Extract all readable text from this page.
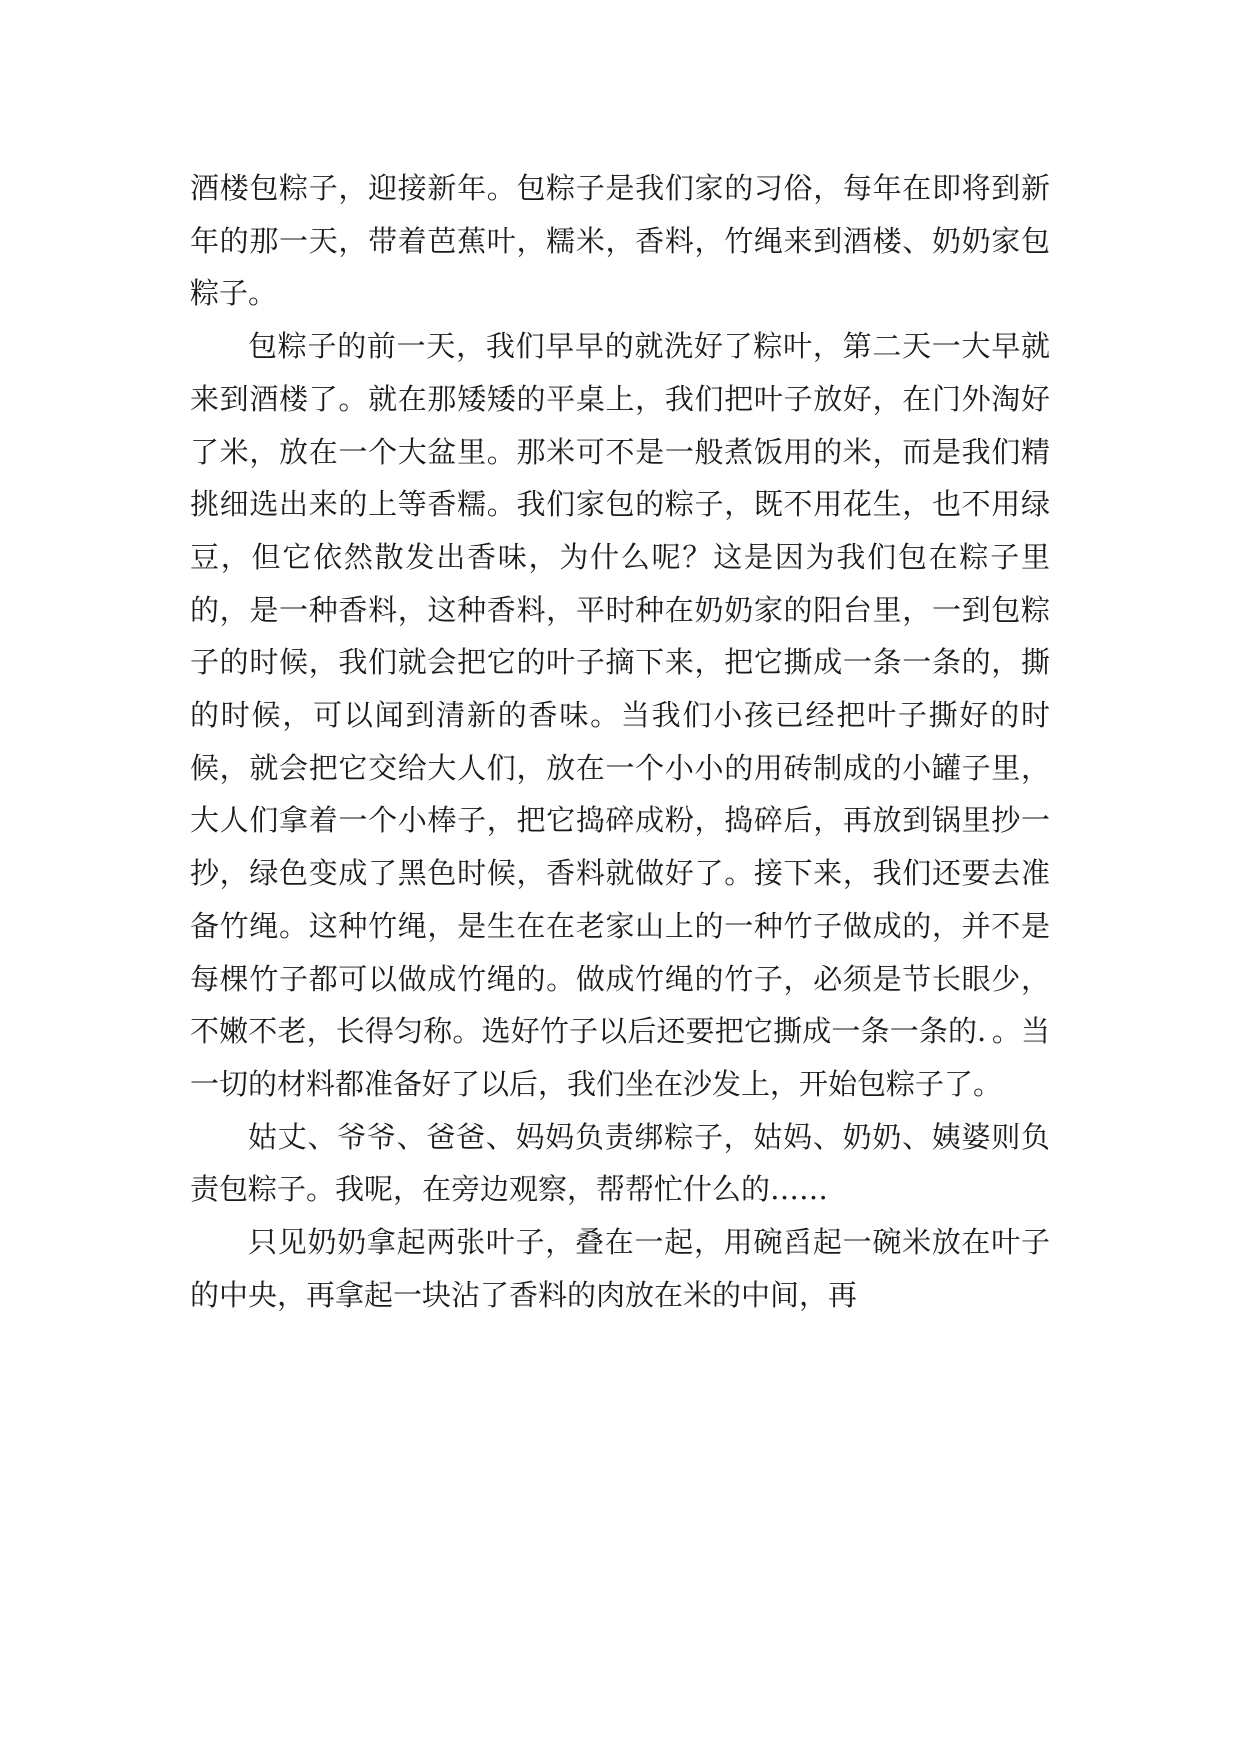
酒楼包粽子，迎接新年。包粽子是我们家的习俗，每年在即将到新年的那一天，带着芭蕉叶，糯米，香料，竹绳来到酒楼、奶奶家包粽子。

包粽子的前一天，我们早早的就洗好了粽叶，第二天一大早就来到酒楼了。就在那矮矮的平桌上，我们把叶子放好，在门外淘好了米，放在一个大盆里。那米可不是一般煮饭用的米，而是我们精挑细选出来的上等香糯。我们家包的粽子，既不用花生，也不用绿豆，但它依然散发出香味，为什么呢？这是因为我们包在粽子里的，是一种香料，这种香料，平时种在奶奶家的阳台里，一到包粽子的时候，我们就会把它的叶子摘下来，把它撕成一条一条的，撕的时候，可以闻到清新的香味。当我们小孩已经把叶子撕好的时候，就会把它交给大人们，放在一个小小的用砖制成的小罐子里，大人们拿着一个小棒子，把它捣碎成粉，捣碎后，再放到锅里抄一抄，绿色变成了黑色时候，香料就做好了。接下来，我们还要去准备竹绳。这种竹绳，是生在在老家山上的一种竹子做成的，并不是每棵竹子都可以做成竹绳的。做成竹绳的竹子，必须是节长眼少，不嫩不老，长得匀称。选好竹子以后还要把它撕成一条一条的．。当一切的材料都准备好了以后，我们坐在沙发上，开始包粽子了。

姑丈、爷爷、爸爸、妈妈负责绑粽子，姑妈、奶奶、姨婆则负责包粽子。我呢，在旁边观察，帮帮忙什么的……

只见奶奶拿起两张叶子，叠在一起，用碗舀起一碗米放在叶子的中央，再拿起一块沾了香料的肉放在米的中间，再
